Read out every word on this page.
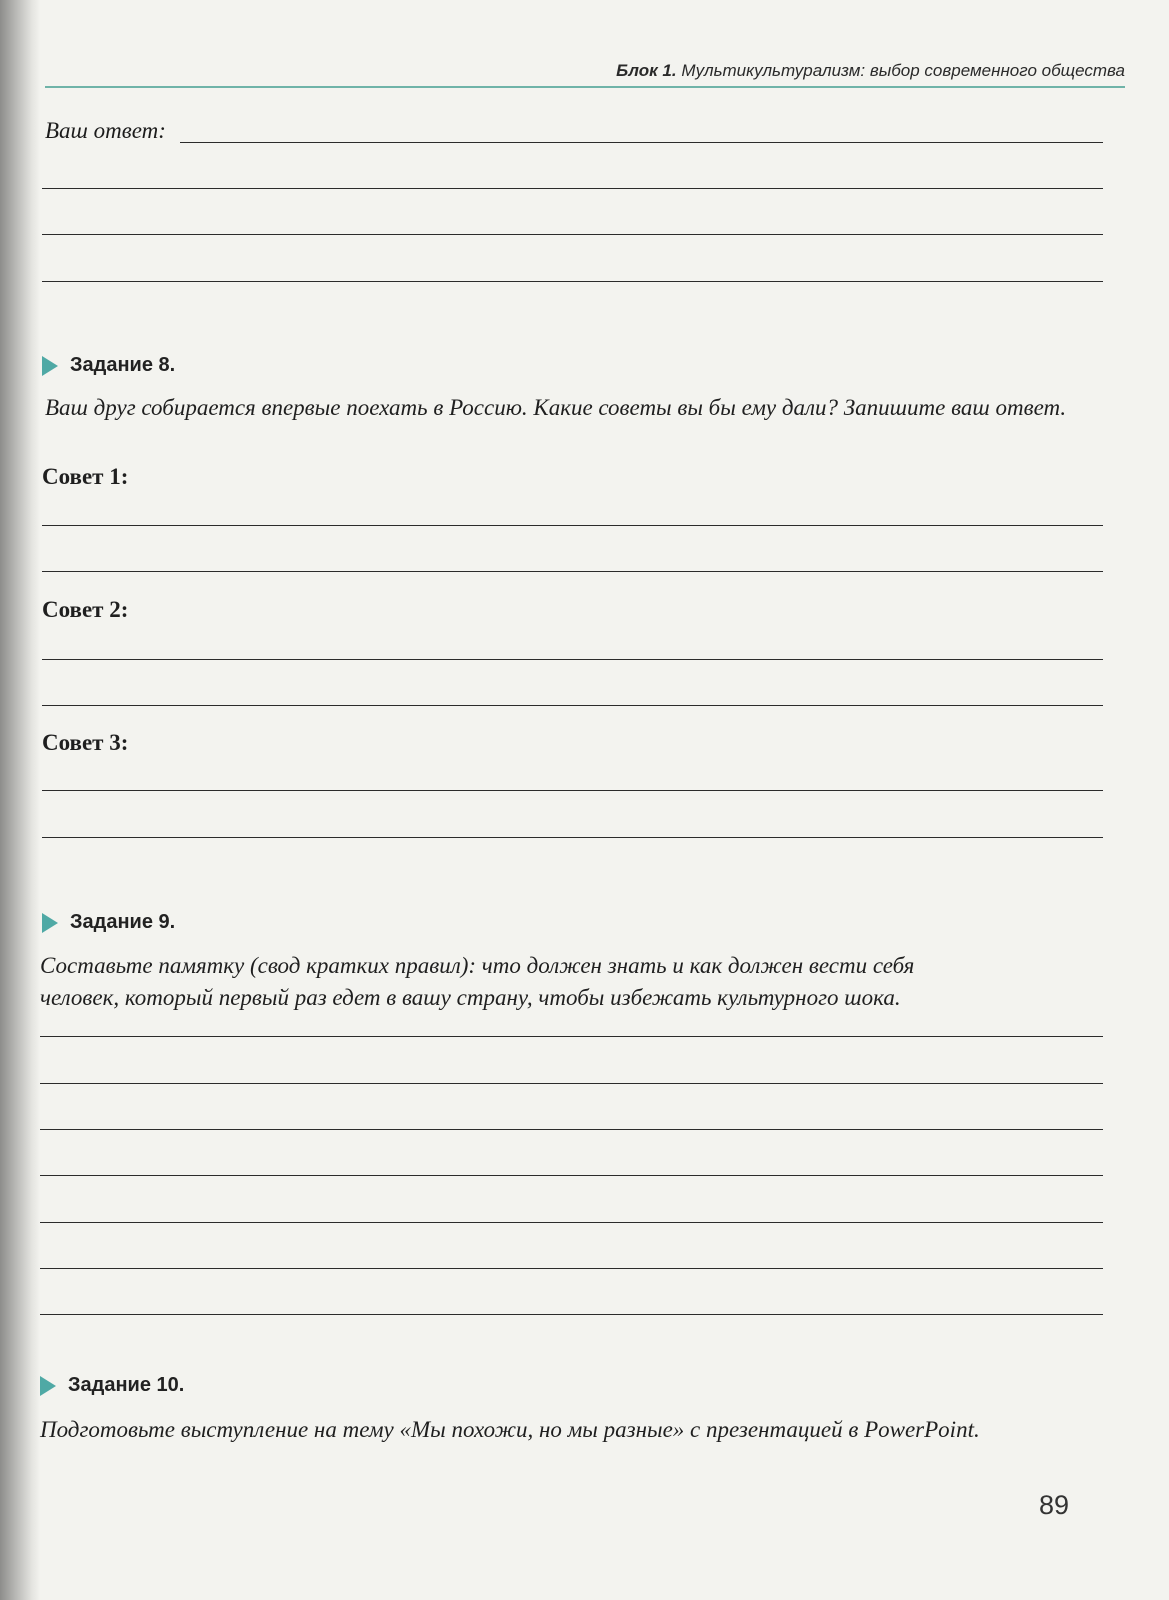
Блок 1. Мультикультурализм: выбор современного общества
Ваш ответ:
Задание 8.
Ваш друг собирается впервые поехать в Россию. Какие советы вы бы ему дали? Запишите ваш ответ.
Совет 1:
Совет 2:
Совет 3:
Задание 9.
Составьте памятку (свод кратких правил): что должен знать и как должен вести себя
человек, который первый раз едет в вашу страну, чтобы избежать культурного шока.
Задание 10.
Подготовьте выступление на тему «Мы похожи, но мы разные» с презентацией в PowerPoint.
89
